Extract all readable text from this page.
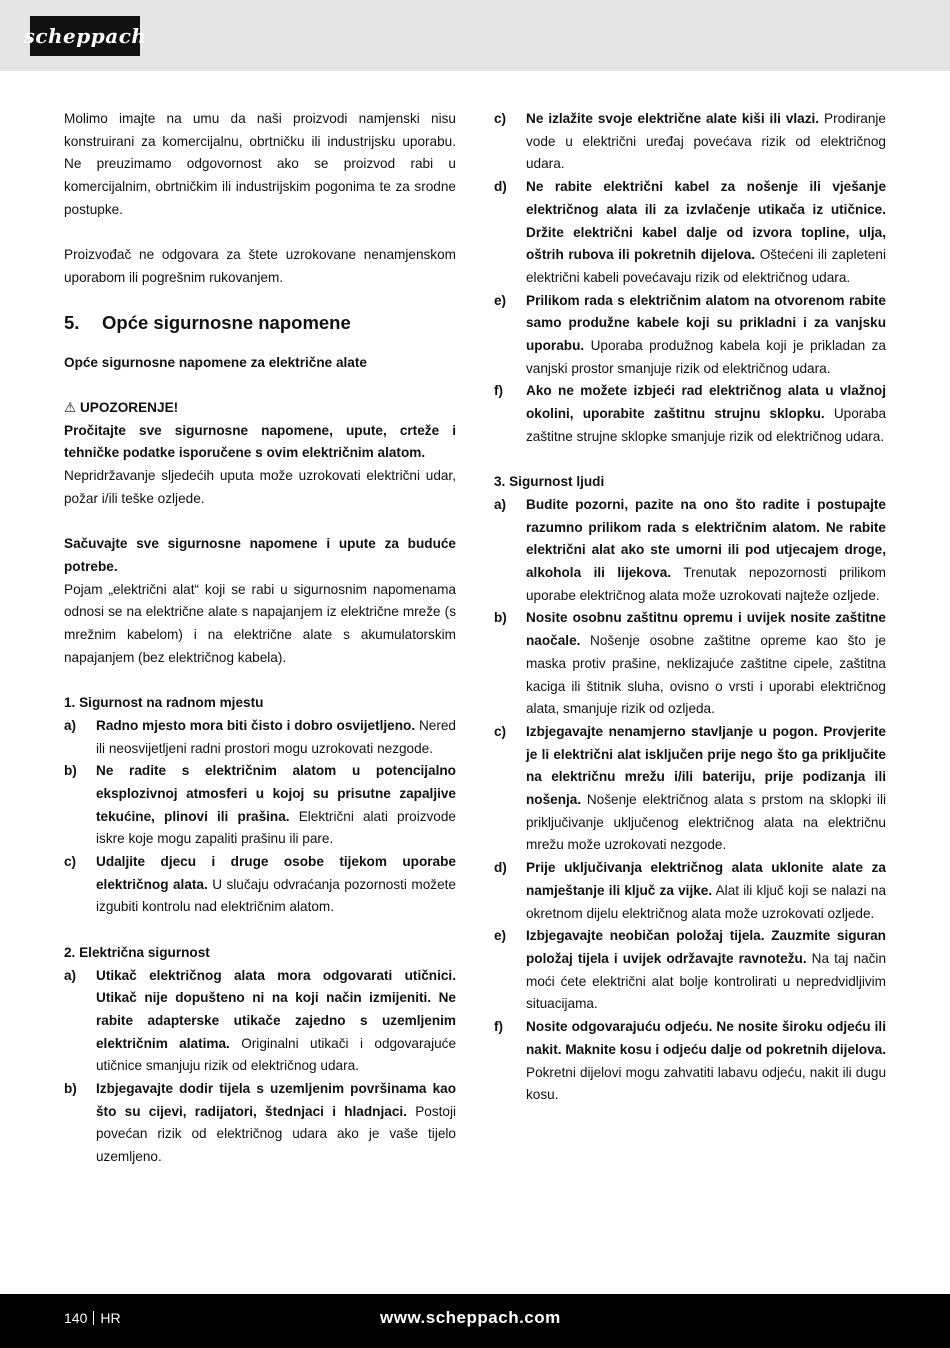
scheppach

Molimo imajte na umu da naši proizvodi namjenski nisu konstruirani za komercijalnu, obrtničku ili industrijsku uporabu. Ne preuzimamo odgovornost ako se proizvod rabi u komercijalnim, obrtničkim ili industrijskim pogonima te za srodne postupke.

Proizvođač ne odgovara za štete uzrokovane nenamjenskom uporabom ili pogrešnim rukovanjem.

5. Opće sigurnosne napomene

Opće sigurnosne napomene za električne alate

⚠ UPOZORENJE!

Pročitajte sve sigurnosne napomene, upute, crteže i tehničke podatke isporučene s ovim električnim alatom.

Nepridržavanje sljedećih uputa može uzrokovati električni udar, požar i/ili teške ozljede.

Sačuvajte sve sigurnosne napomene i upute za buduće potrebe.

Pojam „električni alat“ koji se rabi u sigurnosnim napomenama odnosi se na električne alate s napajanjem iz električne mreže (s mrežnim kabelom) i na električne alate s akumulatorskim napajanjem (bez električnog kabela).

1. Sigurnost na radnom mjestu

a)	Radno mjesto mora biti čisto i dobro osvijetljeno. Nered ili neosvijetljeni radni prostori mogu uzrokovati nezgode.
b)	Ne radite s električnim alatom u potencijalno eksplozivnoj atmosferi u kojoj su prisutne zapaljive tekućine, plinovi ili prašina. Električni alati proizvode iskre koje mogu zapaliti prašinu ili pare.
c)	Udaljite djecu i druge osobe tijekom uporabe električnog alata. U slučaju odvraćanja pozornosti možete izgubiti kontrolu nad električnim alatom.

2. Električna sigurnost

a)	Utikač električnog alata mora odgovarati utičnici. Utikač nije dopušteno ni na koji način izmijeniti. Ne rabite adapterske utikače zajedno s uzemljenim električnim alatima. Originalni utikači i odgovarajuće utičnice smanjuju rizik od električnog udara.
b)	Izbjegavajte dodir tijela s uzemljenim površinama kao što su cijevi, radijatori, štednjaci i hladnjaci. Postoji povećan rizik od električnog udara ako je vaše tijelo uzemljeno.
c)	Ne izlažite svoje električne alate kiši ili vlazi. Prodiranje vode u električni uređaj povećava rizik od električnog udara.
d)	Ne rabite električni kabel za nošenje ili vješanje električnog alata ili za izvlačenje utikača iz utičnice. Držite električni kabel dalje od izvora topline, ulja, oštrih rubova ili pokretnih dijelova. Oštećeni ili zapleteni električni kabeli povećavaju rizik od električnog udara.
e)	Prilikom rada s električnim alatom na otvorenom rabite samo produžne kabele koji su prikladni i za vanjsku uporabu. Uporaba produžnog kabela koji je prikladan za vanjski prostor smanjuje rizik od električnog udara.
f)	Ako ne možete izbjeći rad električnog alata u vlažnoj okolini, uporabite zaštitnu strujnu sklopku. Uporaba zaštitne strujne sklopke smanjuje rizik od električnog udara.

3. Sigurnost ljudi

a)	Budite pozorni, pazite na ono što radite i postupajte razumno prilikom rada s električnim alatom. Ne rabite električni alat ako ste umorni ili pod utjecajem droge, alkohola ili lijekova. Trenutak nepozornosti prilikom uporabe električnog alata može uzrokovati najteže ozljede.
b)	Nosite osobnu zaštitnu opremu i uvijek nosite zaštitne naočale. Nošenje osobne zaštitne opreme kao što je maska protiv prašine, neklizajuće zaštitne cipele, zaštitna kaciga ili štitnik sluha, ovisno o vrsti i uporabi električnog alata, smanjuje rizik od ozljeda.
c)	Izbjegavajte nenamjerno stavljanje u pogon. Provjerite je li električni alat isključen prije nego što ga priključite na električnu mrežu i/ili bateriju, prije podizanja ili nošenja. Nošenje električnog alata s prstom na sklopki ili priključivanje uključenog električnog alata na električnu mrežu može uzrokovati nezgode.
d)	Prije uključivanja električnog alata uklonite alate za namještanje ili ključ za vijke. Alat ili ključ koji se nalazi na okretnom dijelu električnog alata može uzrokovati ozljede.
e)	Izbjegavajte neobičan položaj tijela. Zauzmite siguran položaj tijela i uvijek održavajte ravnotežu. Na taj način moći ćete električni alat bolje kontrolirati u nepredvidljivim situacijama.
f)	Nosite odgovarajuću odjeću. Ne nosite široku odjeću ili nakit. Maknite kosu i odjeću dalje od pokretnih dijelova. Pokretni dijelovi mogu zahvatiti labavu odjeću, nakit ili dugu kosu.
140 HR	www.scheppach.com
